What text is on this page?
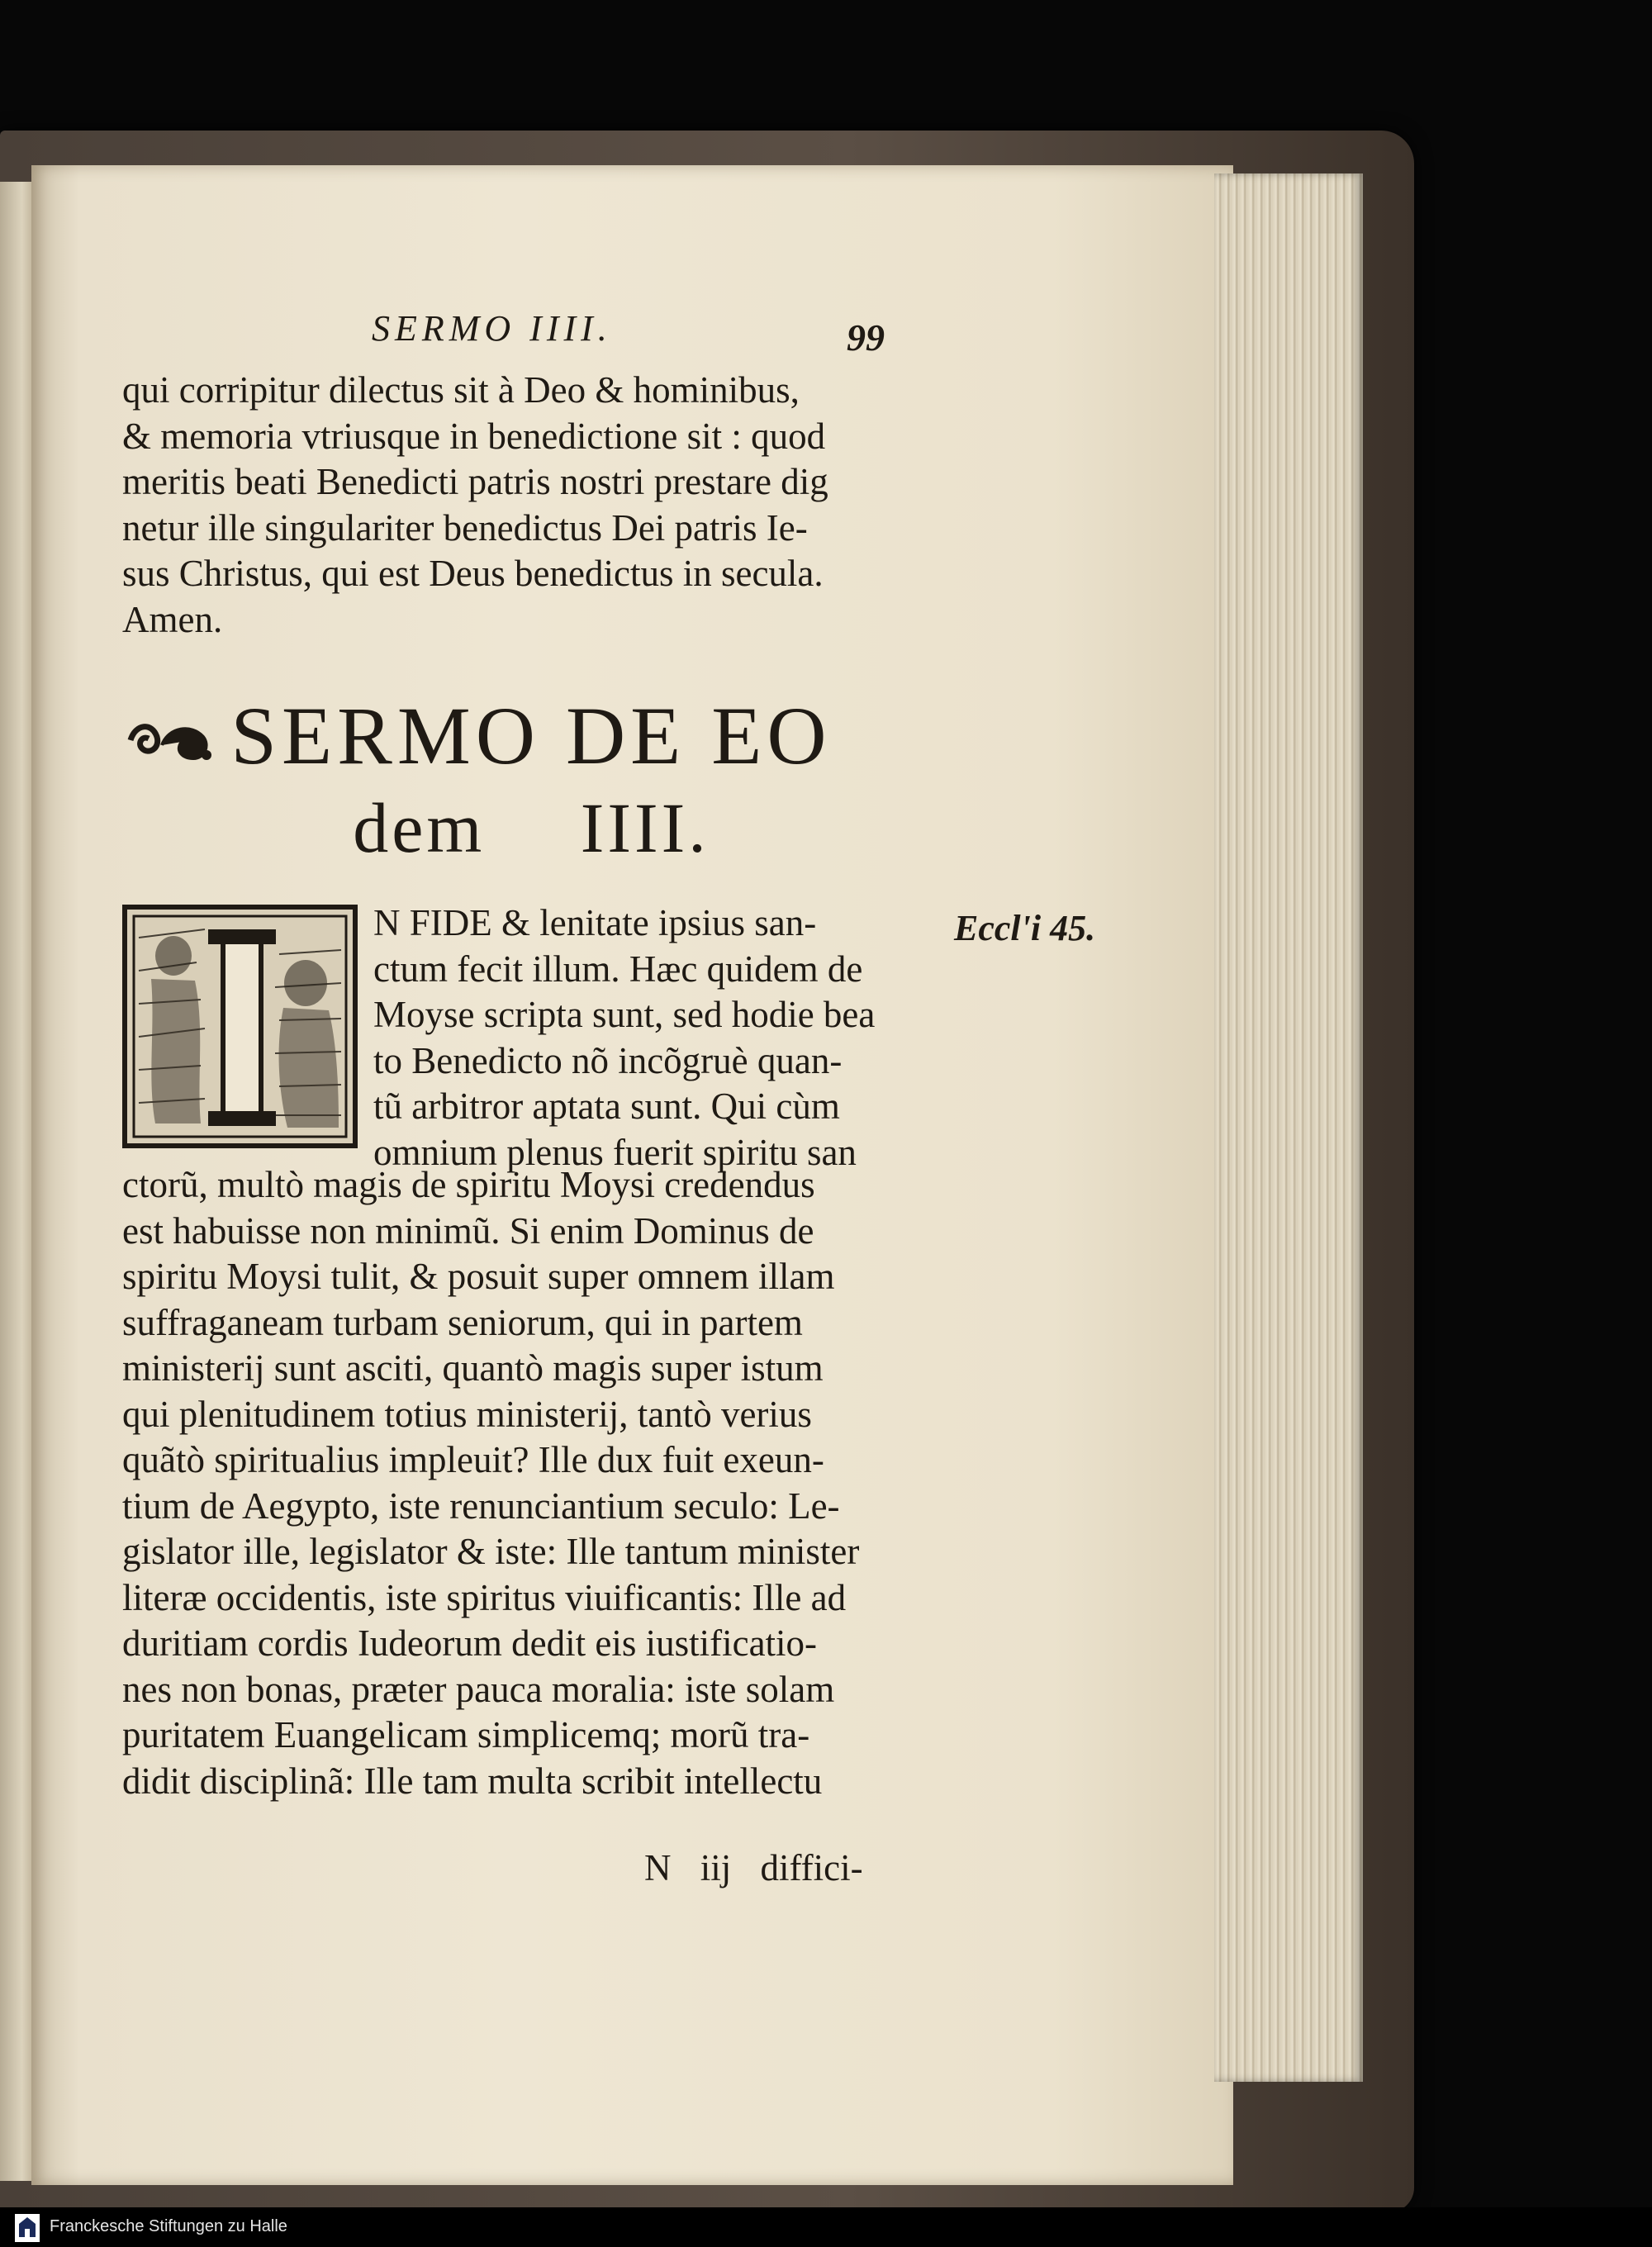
SERMO IIII.	99
qui corripitur dilectus sit à Deo & hominibus,
& memoria vtriusque in benedictione sit : quod
meritis beati Benedicti patris nostri prestare dig
netur ille singulariter benedictus Dei patris Ie-
sus Christus, qui est Deus benedictus in secula.
Amen.
SERMO DE EO
dem IIII.
N FIDE & lenitate ipsius san-
ctum fecit illum. Hæc quidem de
Moyse scripta sunt, sed hodie bea
to Benedicto nõ incõgruè quan-
tũ arbitror aptata sunt. Qui cùm
omnium plenus fuerit spiritu san
Eccl'i 45.
ctorũ, multò magis de spiritu Moysi credendus
est habuisse non minimũ. Si enim Dominus de
spiritu Moysi tulit, & posuit super omnem illam
suffraganeam turbam seniorum, qui in partem
ministerij sunt asciti, quantò magis super istum
qui plenitudinem totius ministerij, tantò verius
quãtò spiritualius impleuit? Ille dux fuit exeun-
tium de Aegypto, iste renunciantium seculo: Le-
gislator ille, legislator & iste: Ille tantum minister
literæ occidentis, iste spiritus viuificantis: Ille ad
duritiam cordis Iudeorum dedit eis iustificatio-
nes non bonas, præter pauca moralia: iste solam
puritatem Euangelicam simplicemq; morũ tra-
didit disciplinã: Ille tam multa scribit intellectu
N iij diffici-
Franckesche Stiftungen zu Halle
